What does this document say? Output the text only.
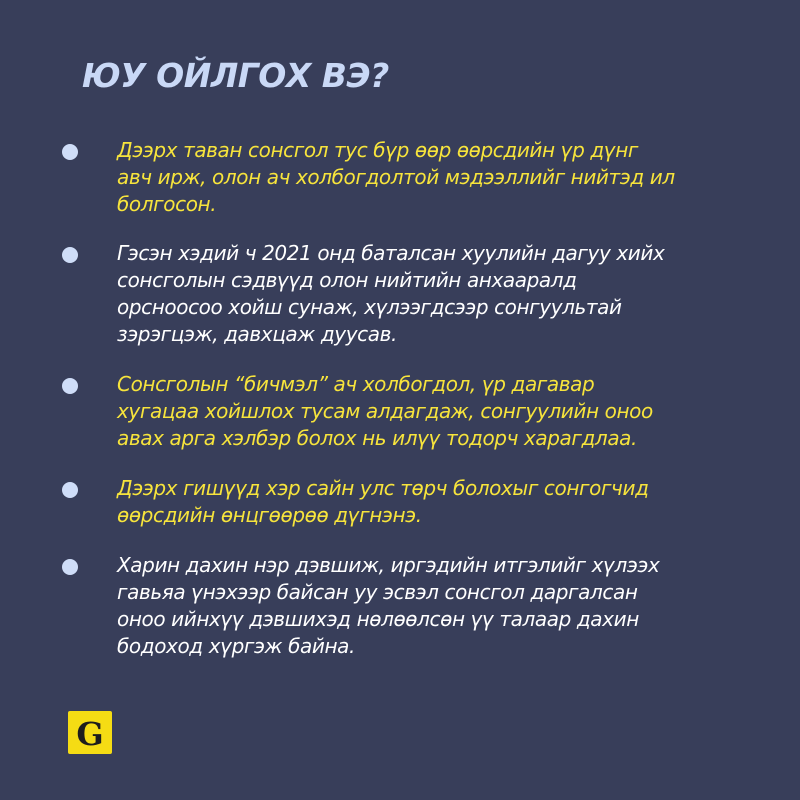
ЮУ ОЙЛГОХ ВЭ?

Дээрх таван сонсгол тус бүр өөр өөрсдийн үр дүнг
авч ирж, олон ач холбогдолтой мэдээллийг нийтэд ил
болгосон.

Гэсэн хэдий ч 2021 онд баталсан хуулийн дагуу хийх
сонсголын сэдвүүд олон нийтийн анхааралд
орсноосоо хойш сунаж, хүлээгдсээр сонгуультай
зэрэгцэж, давхцаж дуусав.

Сонсголын “бичмэл” ач холбогдол, үр дагавар
хугацаа хойшлох тусам алдагдаж, сонгуулийн оноо
авах арга хэлбэр болох нь илүү тодорч харагдлаа.

Дээрх гишүүд хэр сайн улс төрч болохыг сонгогчид
өөрсдийн өнцгөөрөө дүгнэнэ.

Харин дахин нэр дэвшиж, иргэдийн итгэлийг хүлээх
гавьяа үнэхээр байсан уу эсвэл сонсгол даргалсан
оноо ийнхүү дэвшихэд нөлөөлсөн үү талаар дахин
бодоход хүргэж байна.

G
